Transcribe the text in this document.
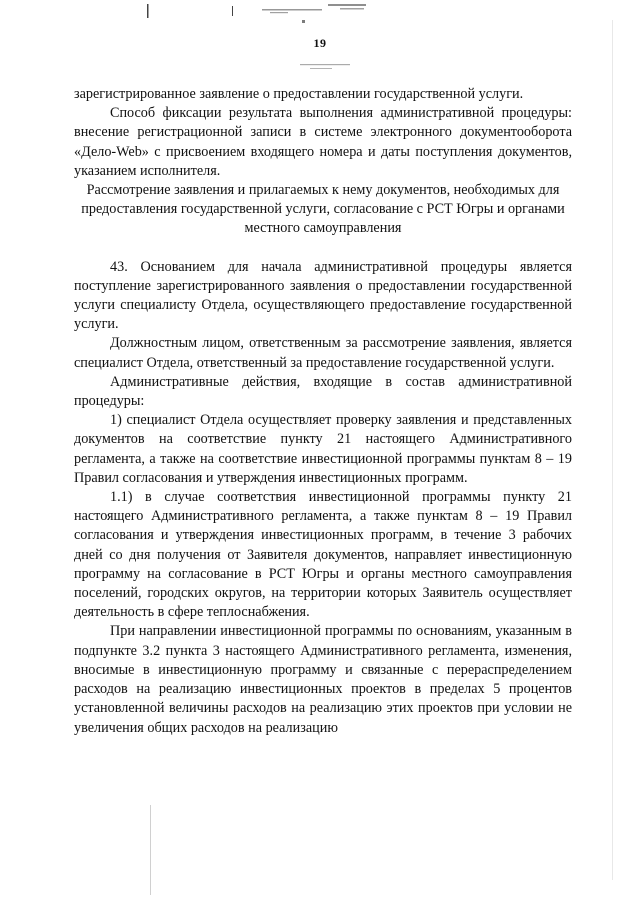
19

зарегистрированное заявление о предоставлении государственной услуги.

Способ фиксации результата выполнения административной процедуры: внесение регистрационной записи в системе электронного документооборота «Дело-Web» с присвоением входящего номера и даты поступления документов, указанием исполнителя.

Рассмотрение заявления и прилагаемых к нему документов, необходимых для предоставления государственной услуги, согласование с РСТ Югры и органами местного самоуправления

43. Основанием для начала административной процедуры является поступление зарегистрированного заявления о предоставлении государственной услуги специалисту Отдела, осуществляющего предоставление государственной услуги.

Должностным лицом, ответственным за рассмотрение заявления, является специалист Отдела, ответственный за предоставление государственной услуги.

Административные действия, входящие в состав административной процедуры:

1) специалист Отдела осуществляет проверку заявления и представленных документов на соответствие пункту 21 настоящего Административного регламента, а также на соответствие инвестиционной программы пунктам 8 – 19 Правил согласования и утверждения инвестиционных программ.

1.1) в случае соответствия инвестиционной программы пункту 21 настоящего Административного регламента, а также пунктам 8 – 19 Правил согласования и утверждения инвестиционных программ, в течение 3 рабочих дней со дня получения от Заявителя документов, направляет инвестиционную программу на согласование в РСТ Югры и органы местного самоуправления поселений, городских округов, на территории которых Заявитель осуществляет деятельность в сфере теплоснабжения.

При направлении инвестиционной программы по основаниям, указанным в подпункте 3.2 пункта 3 настоящего Административного регламента, изменения, вносимые в инвестиционную программу и связанные с перераспределением расходов на реализацию инвестиционных проектов в пределах 5 процентов установленной величины расходов на реализацию этих проектов при условии не увеличения общих расходов на реализацию
